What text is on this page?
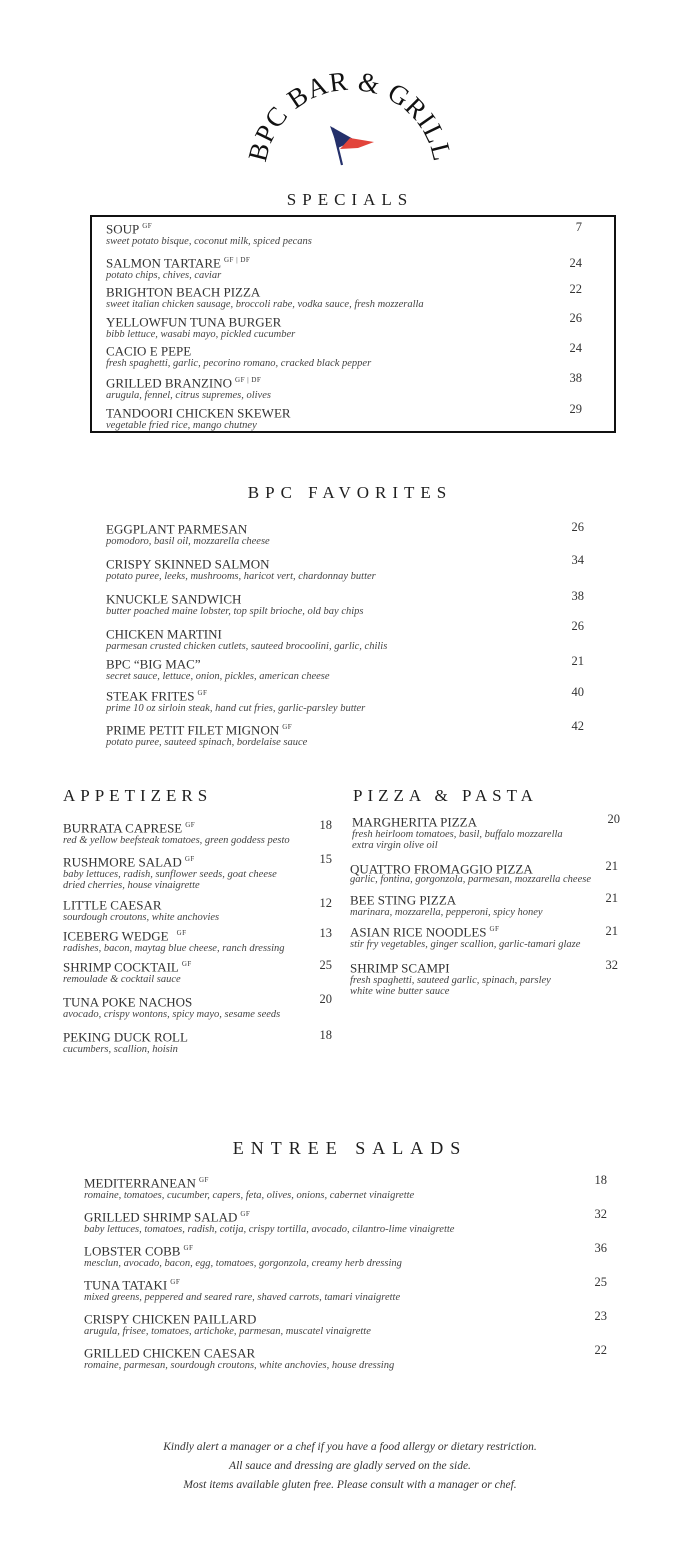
BPC BAR & GRILL
SPECIALS
SOUP $^{GF}$
sweet potato bisque, coconut milk, spiced pecans
7
SALMON TARTARE $^{GF | DF}$
potato chips, chives, caviar
24
BRIGHTON BEACH PIZZA
sweet italian chicken sausage, broccoli rabe, vodka sauce, fresh mozzeralla
22
YELLOWFUN TUNA BURGER
bibb lettuce, wasabi mayo, pickled cucumber
26
CACIO E PEPE
fresh spaghetti, garlic, pecorino romano, cracked black pepper
24
GRILLED BRANZINO $^{GF | DF}$
arugula, fennel, citrus supremes, olives
38
TANDOORI CHICKEN SKEWER
vegetable fried rice, mango chutney
29
BPC FAVORITES
EGGPLANT PARMESAN
pomodoro, basil oil, mozzarella cheese
26
CRISPY SKINNED SALMON
potato puree, leeks, mushrooms, haricot vert, chardonnay butter
34
KNUCKLE SANDWICH
butter poached maine lobster, top spilt brioche, old bay chips
38
CHICKEN MARTINI
parmesan crusted chicken cutlets, sauteed brocoolini, garlic, chilis
26
BPC “BIG MAC”
secret sauce, lettuce, onion, pickles, american cheese
21
STEAK FRITES $^{GF}$
prime 10 oz sirloin steak, hand cut fries, garlic-parsley butter
40
PRIME PETIT FILET MIGNON $^{GF}$
potato puree, sauteed spinach, bordelaise sauce
42
APPETIZERS
BURRATA CAPRESE $^{GF}$
red & yellow beefsteak tomatoes, green goddess pesto
18
RUSHMORE SALAD $^{GF}$
baby lettuces, radish, sunflower seeds, goat cheese
dried cherries, house vinaigrette
15
LITTLE CAESAR
sourdough croutons, white anchovies
12
ICEBERG WEDGE $^{GF}$
radishes, bacon, maytag blue cheese, ranch dressing
13
SHRIMP COCKTAIL $^{GF}$
remoulade & cocktail sauce
25
TUNA POKE NACHOS
avocado, crispy wontons, spicy mayo, sesame seeds
20
PEKING DUCK ROLL
cucumbers, scallion, hoisin
18
PIZZA & PASTA
MARGHERITA PIZZA
fresh heirloom tomatoes, basil, buffalo mozzarella
extra virgin olive oil
20
QUATTRO FROMAGGIO PIZZA
garlic, fontina, gorgonzola, parmesan, mozzarella cheese
21
BEE STING PIZZA
marinara, mozzarella, pepperoni, spicy honey
21
ASIAN RICE NOODLES $^{GF}$
stir fry vegetables, ginger scallion, garlic-tamari glaze
21
SHRIMP SCAMPI
fresh spaghetti, sauteed garlic, spinach, parsley
white wine butter sauce
32
ENTREE SALADS
MEDITERRANEAN $^{GF}$
romaine, tomatoes, cucumber, capers, feta, olives, onions, cabernet vinaigrette
18
GRILLED SHRIMP SALAD $^{GF}$
baby lettuces, tomatoes, radish, cotija, crispy tortilla, avocado, cilantro-lime vinaigrette
32
LOBSTER COBB $^{GF}$
mesclun, avocado, bacon, egg, tomatoes, gorgonzola, creamy herb dressing
36
TUNA TATAKI $^{GF}$
mixed greens, peppered and seared rare, shaved carrots, tamari vinaigrette
25
CRISPY CHICKEN PAILLARD
arugula, frisee, tomatoes, artichoke, parmesan, muscatel vinaigrette
23
GRILLED CHICKEN CAESAR
romaine, parmesan, sourdough croutons, white anchovies, house dressing
22
Kindly alert a manager or a chef if you have a food allergy or dietary restriction.
All sauce and dressing are gladly served on the side.
Most items available gluten free. Please consult with a manager or chef.
